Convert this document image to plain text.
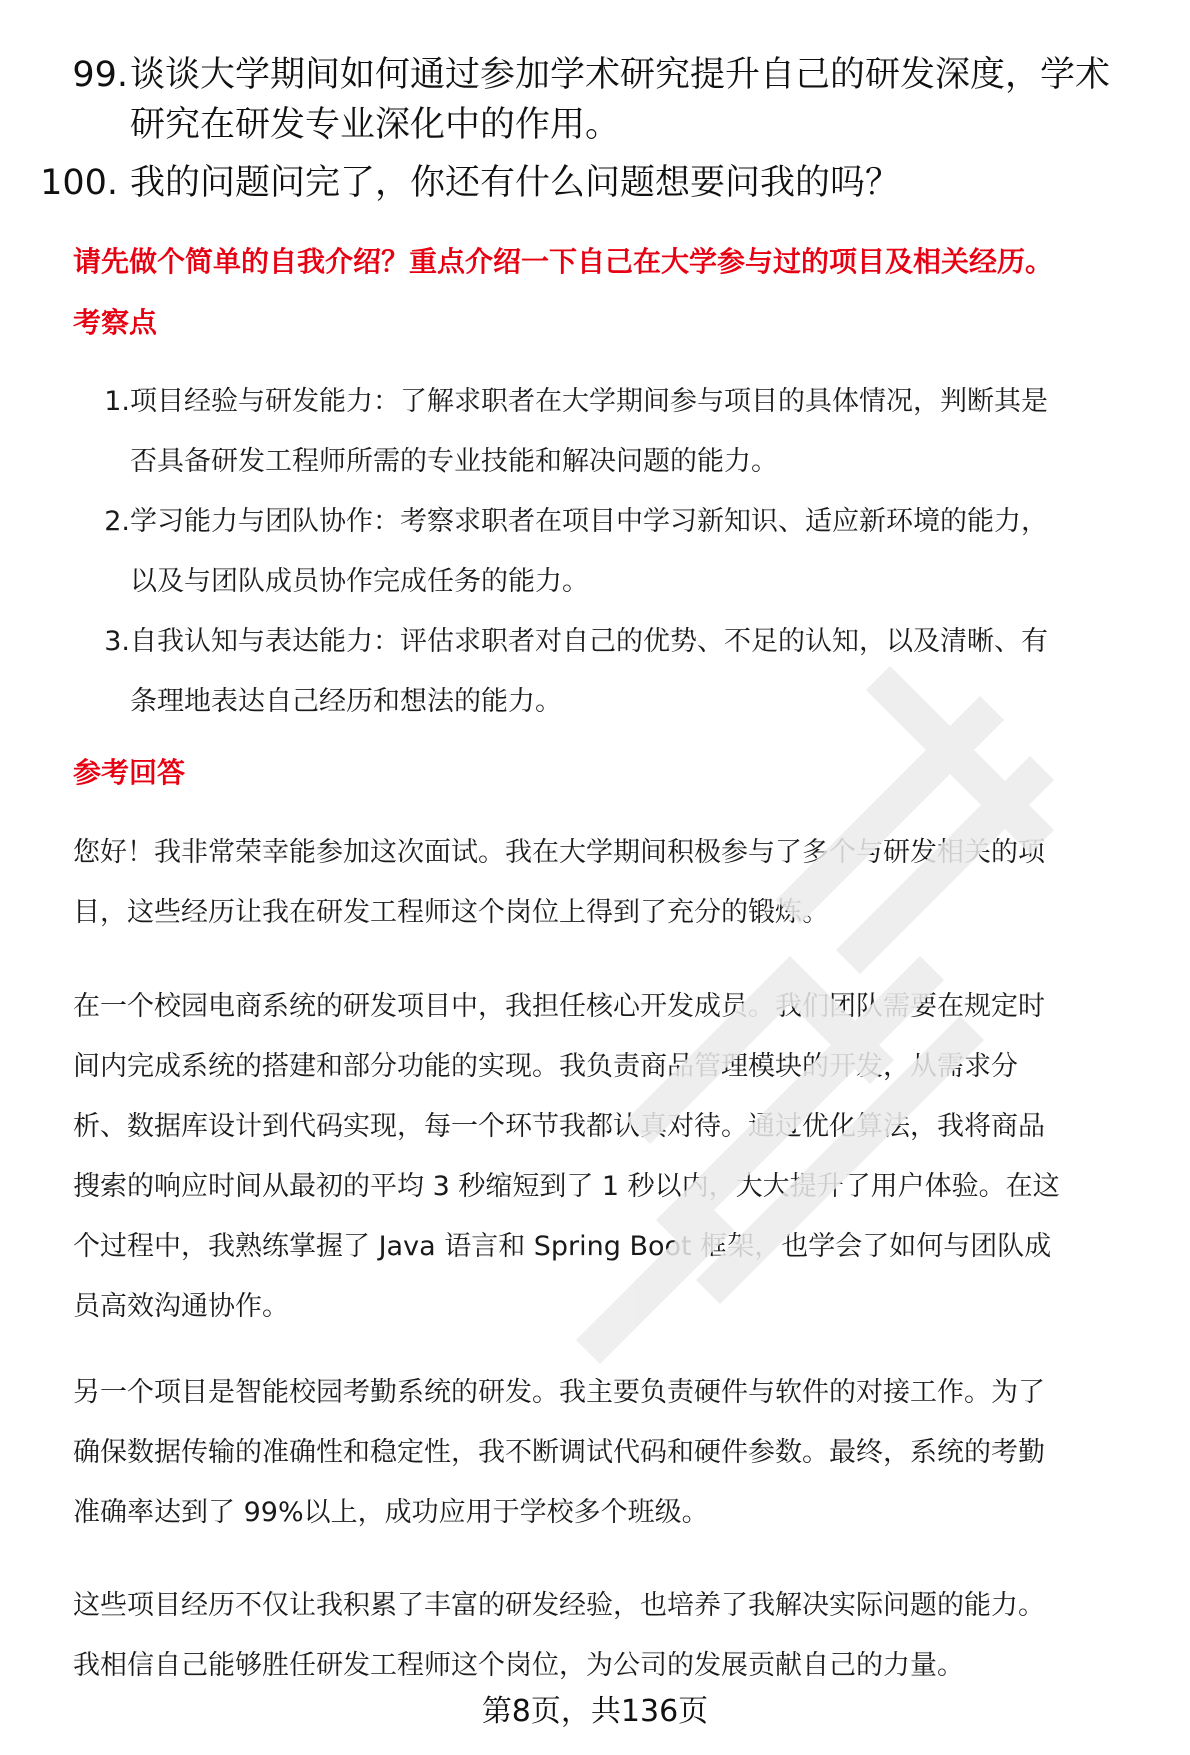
99. 谈谈大学期间如何通过参加学术研究提升自己的研发深度，学术
研究在研发专业深化中的作用。
100. 我的问题问完了，你还有什么问题想要问我的吗？
请先做个简单的自我介绍？重点介绍一下自己在大学参与过的项目及相关经历。
考察点
1. 项目经验与研发能力：了解求职者在大学期间参与项目的具体情况，判断其是
否具备研发工程师所需的专业技能和解决问题的能力。
2. 学习能力与团队协作：考察求职者在项目中学习新知识、适应新环境的能力，
以及与团队成员协作完成任务的能力。
3. 自我认知与表达能力：评估求职者对自己的优势、不足的认知，以及清晰、有
条理地表达自己经历和想法的能力。
参考回答
您好！我非常荣幸能参加这次面试。我在大学期间积极参与了多个与研发相关的项
目，这些经历让我在研发工程师这个岗位上得到了充分的锻炼。
在一个校园电商系统的研发项目中，我担任核心开发成员。我们团队需要在规定时
间内完成系统的搭建和部分功能的实现。我负责商品管理模块的开发，从需求分
析、数据库设计到代码实现，每一个环节我都认真对待。通过优化算法，我将商品
搜索的响应时间从最初的平均 3 秒缩短到了 1 秒以内，大大提升了用户体验。在这
个过程中，我熟练掌握了 Java 语言和 Spring Boot 框架，也学会了如何与团队成
员高效沟通协作。
另一个项目是智能校园考勤系统的研发。我主要负责硬件与软件的对接工作。为了
确保数据传输的准确性和稳定性，我不断调试代码和硬件参数。最终，系统的考勤
准确率达到了 99%以上，成功应用于学校多个班级。
这些项目经历不仅让我积累了丰富的研发经验，也培养了我解决实际问题的能力。
我相信自己能够胜任研发工程师这个岗位，为公司的发展贡献自己的力量。
第8页，共136页
